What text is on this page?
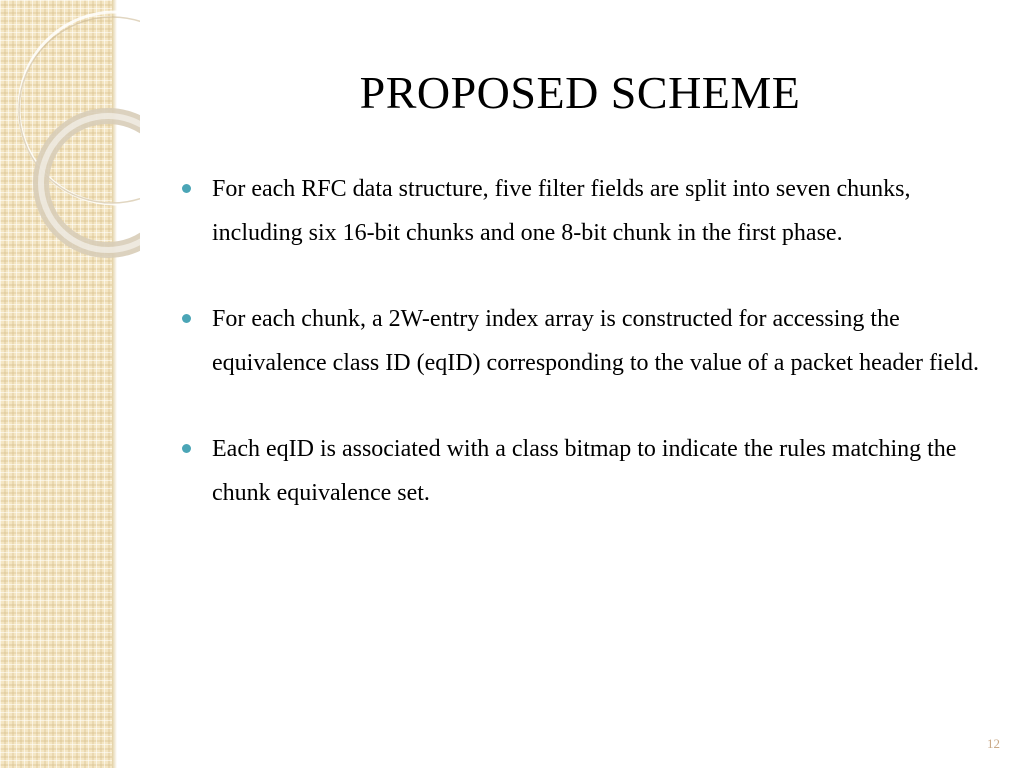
PROPOSED SCHEME
For each RFC data structure, five filter fields are split into seven chunks, including six 16-bit chunks and one 8-bit chunk in the first phase.
For each chunk, a 2W-entry index array is constructed for accessing the equivalence class ID (eqID) corresponding to the value of a packet header field.
Each eqID is associated with a class bitmap to indicate the rules matching the chunk equivalence set.
12
